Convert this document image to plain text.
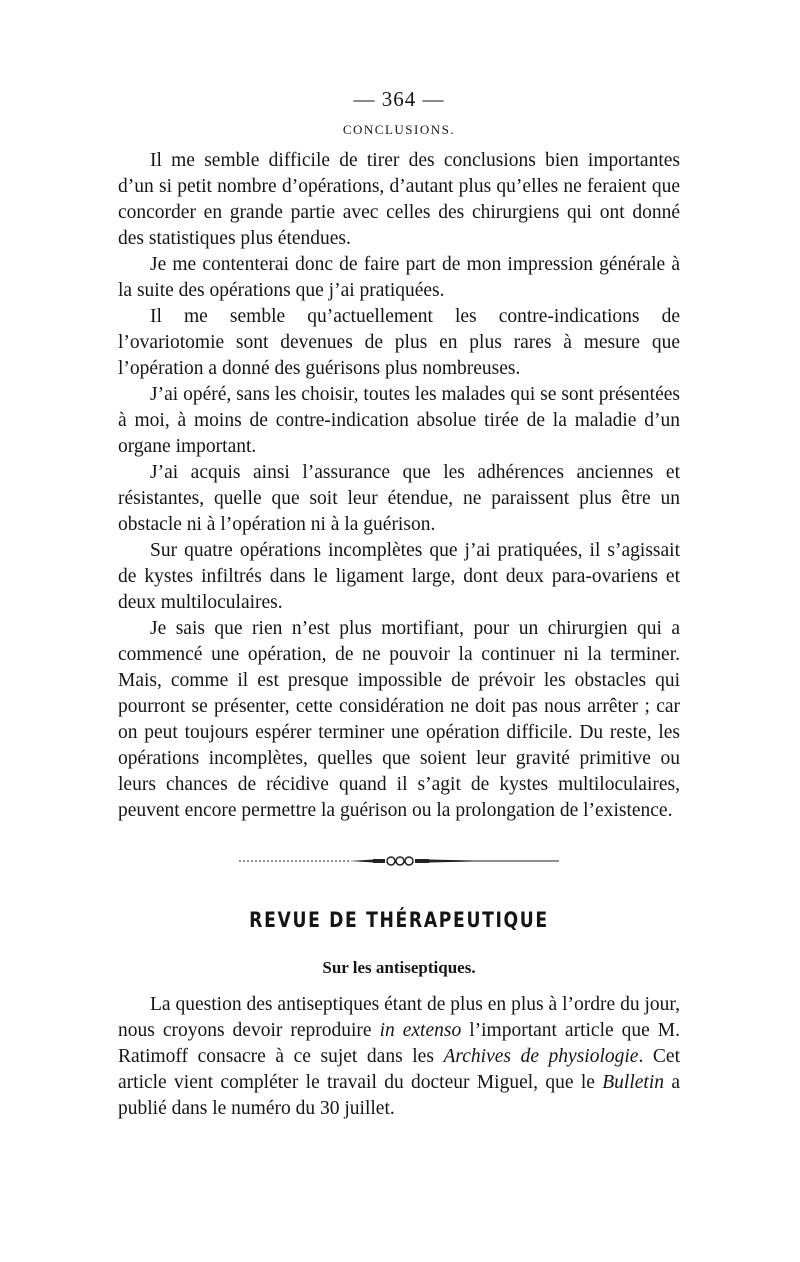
— 364 —
CONCLUSIONS.

Il me semble difficile de tirer des conclusions bien importantes d’un si petit nombre d’opérations, d’autant plus qu’elles ne feraient que concorder en grande partie avec celles des chirurgiens qui ont donné des statistiques plus étendues.

Je me contenterai donc de faire part de mon impression générale à la suite des opérations que j’ai pratiquées.

Il me semble qu’actuellement les contre-indications de l’ovariotomie sont devenues de plus en plus rares à mesure que l’opération a donné des guérisons plus nombreuses.

J’ai opéré, sans les choisir, toutes les malades qui se sont présentées à moi, à moins de contre-indication absolue tirée de la maladie d’un organe important.

J’ai acquis ainsi l’assurance que les adhérences anciennes et résistantes, quelle que soit leur étendue, ne paraissent plus être un obstacle ni à l’opération ni à la guérison.

Sur quatre opérations incomplètes que j’ai pratiquées, il s’agissait de kystes infiltrés dans le ligament large, dont deux para-ovariens et deux multiloculaires.

Je sais que rien n’est plus mortifiant, pour un chirurgien qui a commencé une opération, de ne pouvoir la continuer ni la terminer. Mais, comme il est presque impossible de prévoir les obstacles qui pourront se présenter, cette considération ne doit pas nous arrêter ; car on peut toujours espérer terminer une opération difficile. Du reste, les opérations incomplètes, quelles que soient leur gravité primitive ou leurs chances de récidive quand il s’agit de kystes multiloculaires, peuvent encore permettre la guérison ou la prolongation de l’existence.

REVUE DE THÉRAPEUTIQUE
Sur les antiseptiques.

La question des antiseptiques étant de plus en plus à l’ordre du jour, nous croyons devoir reproduire in extenso l’important article que M. Ratimoff consacre à ce sujet dans les Archives de physiologie. Cet article vient compléter le travail du docteur Miguel, que le Bulletin a publié dans le numéro du 30 juillet.
